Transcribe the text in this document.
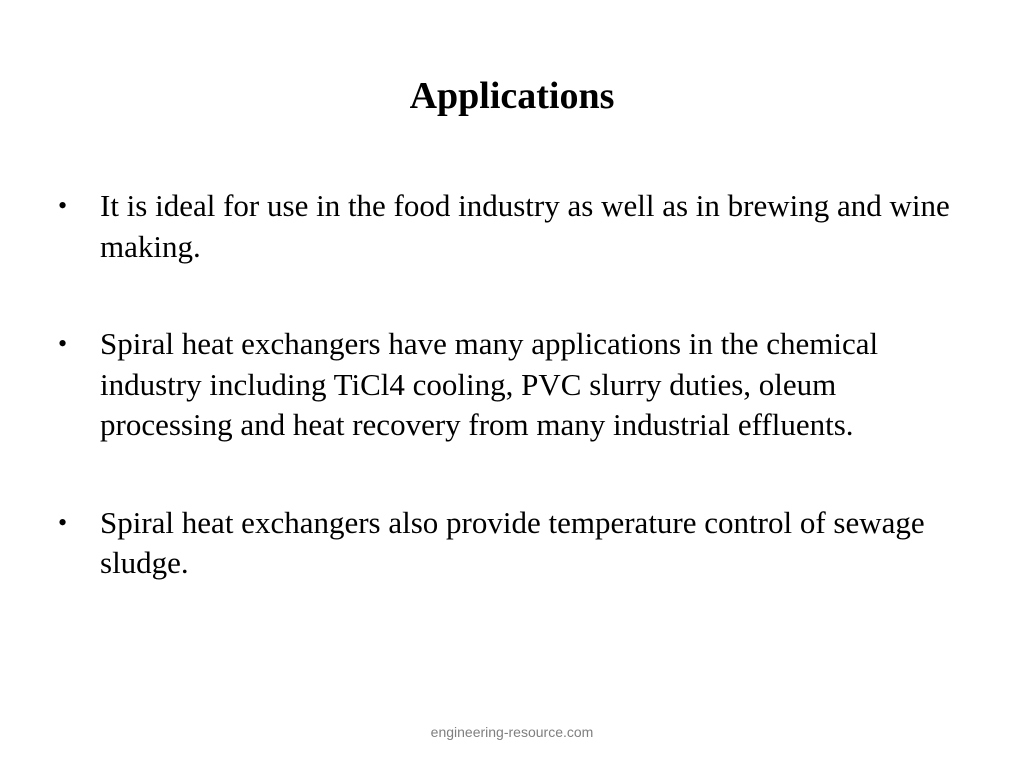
Applications
•	It is ideal for use in the food industry as well as in brewing and wine making.
•	Spiral heat exchangers have many applications in the chemical industry including TiCl4 cooling, PVC slurry duties, oleum processing and heat recovery from many industrial effluents.
•	Spiral heat exchangers also provide temperature control of sewage sludge.
engineering-resource.com
